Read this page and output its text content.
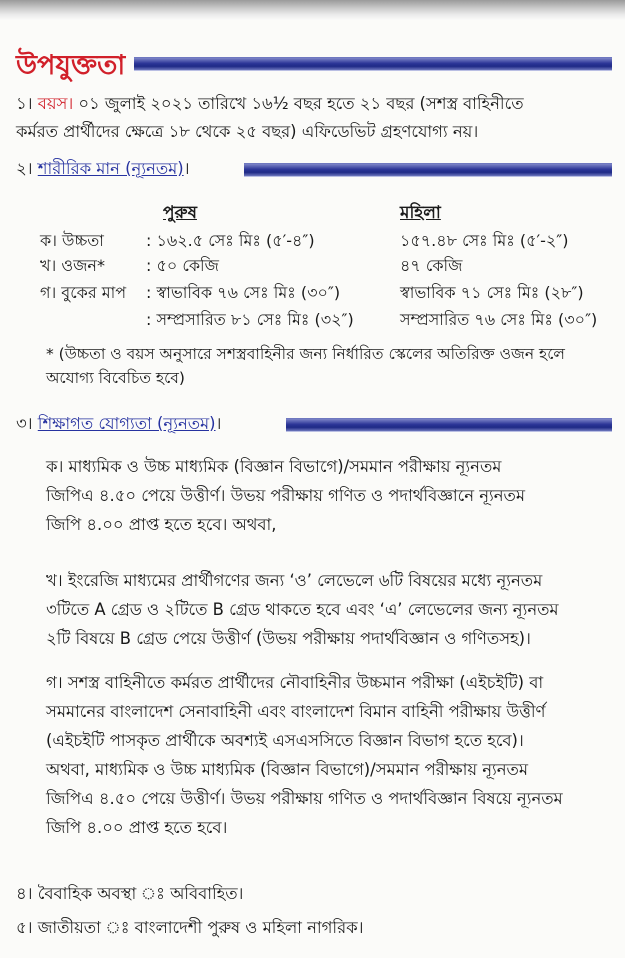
উপযুক্ততা
১। বয়স। ০১ জুলাই ২০২১ তারিখে ১৬½ বছর হতে ২১ বছর (সশস্ত্র বাহিনীতে
কর্মরত প্রার্থীদের ক্ষেত্রে ১৮ থেকে ২৫ বছর) এফিডেভিট গ্রহণযোগ্য নয়।
২। শারীরিক মান (ন্যূনতম)।
পুরুষ	মহিলা
ক। উচ্চতা	: ১৬২.৫ সেঃ মিঃ (৫′-৪″)	১৫৭.৪৮ সেঃ মিঃ (৫′-২″)
খ। ওজন*	: ৫০ কেজি	৪৭ কেজি
গ। বুকের মাপ : স্বাভাবিক ৭৬ সেঃ মিঃ (৩০″)	স্বাভাবিক ৭১ সেঃ মিঃ (২৮″)
: সম্প্রসারিত ৮১ সেঃ মিঃ (৩২″)	সম্প্রসারিত ৭৬ সেঃ মিঃ (৩০″)
* (উচ্চতা ও বয়স অনুসারে সশস্ত্রবাহিনীর জন্য নির্ধারিত স্কেলের অতিরিক্ত ওজন হলে
অযোগ্য বিবেচিত হবে)
৩। শিক্ষাগত যোগ্যতা (ন্যূনতম)।
ক। মাধ্যমিক ও উচ্চ মাধ্যমিক (বিজ্ঞান বিভাগে)/সমমান পরীক্ষায় ন্যূনতম
জিপিএ ৪.৫০ পেয়ে উত্তীর্ণ। উভয় পরীক্ষায় গণিত ও পদার্থবিজ্ঞানে ন্যূনতম
জিপি ৪.০০ প্রাপ্ত হতে হবে। অথবা,
খ। ইংরেজি মাধ্যমের প্রার্থীগণের জন্য ‘ও’ লেভেলে ৬টি বিষয়ের মধ্যে ন্যূনতম
৩টিতে A গ্রেড ও ২টিতে B গ্রেড থাকতে হবে এবং ‘এ’ লেভেলের জন্য ন্যূনতম
২টি বিষয়ে B গ্রেড পেয়ে উত্তীর্ণ (উভয় পরীক্ষায় পদার্থবিজ্ঞান ও গণিতসহ)।
গ। সশস্ত্র বাহিনীতে কর্মরত প্রার্থীদের নৌবাহিনীর উচ্চমান পরীক্ষা (এইচইটি) বা
সমমানের বাংলাদেশ সেনাবাহিনী এবং বাংলাদেশ বিমান বাহিনী পরীক্ষায় উত্তীর্ণ
(এইচইটি পাসকৃত প্রার্থীকে অবশ্যই এসএসসিতে বিজ্ঞান বিভাগ হতে হবে)।
অথবা, মাধ্যমিক ও উচ্চ মাধ্যমিক (বিজ্ঞান বিভাগে)/সমমান পরীক্ষায় ন্যূনতম
জিপিএ ৪.৫০ পেয়ে উত্তীর্ণ। উভয় পরীক্ষায় গণিত ও পদার্থবিজ্ঞান বিষয়ে ন্যূনতম
জিপি ৪.০০ প্রাপ্ত হতে হবে।
৪। বৈবাহিক অবস্থা ঃ অবিবাহিত।
৫। জাতীয়তা ঃ বাংলাদেশী পুরুষ ও মহিলা নাগরিক।
